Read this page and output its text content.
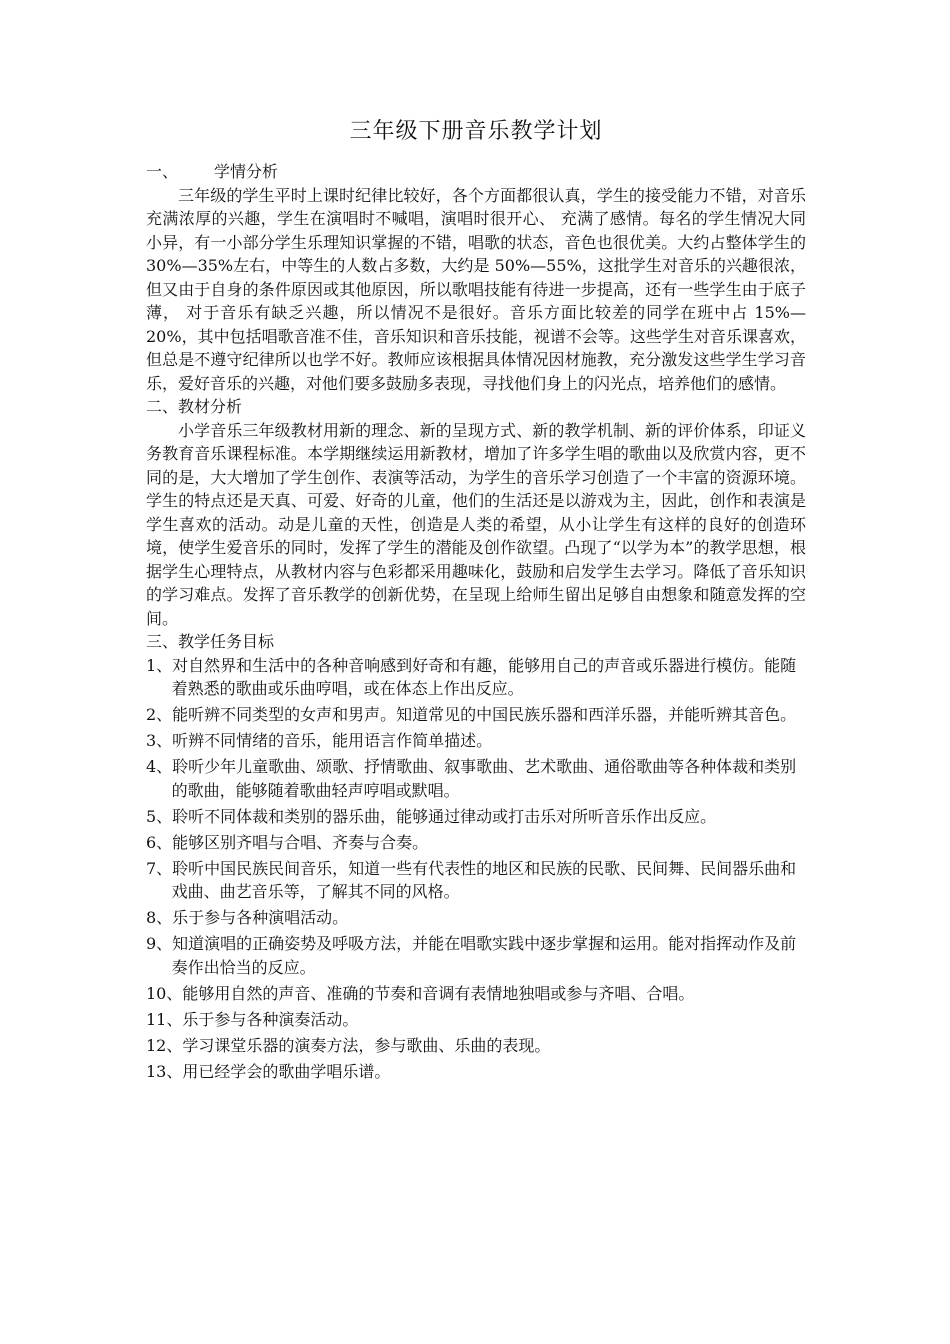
三年级下册音乐教学计划

一、 学情分析

三年级的学生平时上课时纪律比较好，各个方面都很认真，学生的接受能力不错，对音乐充满浓厚的兴趣，学生在演唱时不喊唱，演唱时很开心、 充满了感情。每名的学生情况大同小异，有一小部分学生乐理知识掌握的不错，唱歌的状态，音色也很优美。大约占整体学生的 30%—35%左右，中等生的人数占多数，大约是 50%—55%，这批学生对音乐的兴趣很浓，但又由于自身的条件原因或其他原因，所以歌唱技能有待进一步提高，还有一些学生由于底子薄， 对于音乐有缺乏兴趣，所以情况不是很好。音乐方面比较差的同学在班中占 15%—20%，其中包括唱歌音准不佳，音乐知识和音乐技能，视谱不会等。这些学生对音乐课喜欢，但总是不遵守纪律所以也学不好。教师应该根据具体情况因材施教，充分激发这些学生学习音乐，爱好音乐的兴趣，对他们要多鼓励多表现，寻找他们身上的闪光点，培养他们的感情。

二、教材分析

小学音乐三年级教材用新的理念、新的呈现方式、新的教学机制、新的评价体系，印证义务教育音乐课程标准。本学期继续运用新教材，增加了许多学生唱的歌曲以及欣赏内容，更不同的是，大大增加了学生创作、表演等活动，为学生的音乐学习创造了一个丰富的资源环境。学生的特点还是天真、可爱、好奇的儿童，他们的生活还是以游戏为主，因此，创作和表演是学生喜欢的活动。动是儿童的天性，创造是人类的希望，从小让学生有这样的良好的创造环境，使学生爱音乐的同时，发挥了学生的潜能及创作欲望。凸现了“以学为本”的教学思想，根据学生心理特点，从教材内容与色彩都采用趣味化，鼓励和启发学生去学习。降低了音乐知识的学习难点。发挥了音乐教学的创新优势，在呈现上给师生留出足够自由想象和随意发挥的空间。

三、教学任务目标

1、对自然界和生活中的各种音响感到好奇和有趣，能够用自己的声音或乐器进行模仿。能随着熟悉的歌曲或乐曲哼唱，或在体态上作出反应。

2、能听辨不同类型的女声和男声。知道常见的中国民族乐器和西洋乐器，并能听辨其音色。

3、听辨不同情绪的音乐，能用语言作简单描述。

4、聆听少年儿童歌曲、颂歌、抒情歌曲、叙事歌曲、艺术歌曲、通俗歌曲等各种体裁和类别的歌曲，能够随着歌曲轻声哼唱或默唱。

5、聆听不同体裁和类别的器乐曲，能够通过律动或打击乐对所听音乐作出反应。

6、能够区别齐唱与合唱、齐奏与合奏。

7、聆听中国民族民间音乐，知道一些有代表性的地区和民族的民歌、民间舞、民间器乐曲和戏曲、曲艺音乐等，了解其不同的风格。

8、乐于参与各种演唱活动。

9、知道演唱的正确姿势及呼吸方法，并能在唱歌实践中逐步掌握和运用。能对指挥动作及前奏作出恰当的反应。

10、能够用自然的声音、准确的节奏和音调有表情地独唱或参与齐唱、合唱。

11、乐于参与各种演奏活动。

12、学习课堂乐器的演奏方法，参与歌曲、乐曲的表现。

13、用已经学会的歌曲学唱乐谱。
